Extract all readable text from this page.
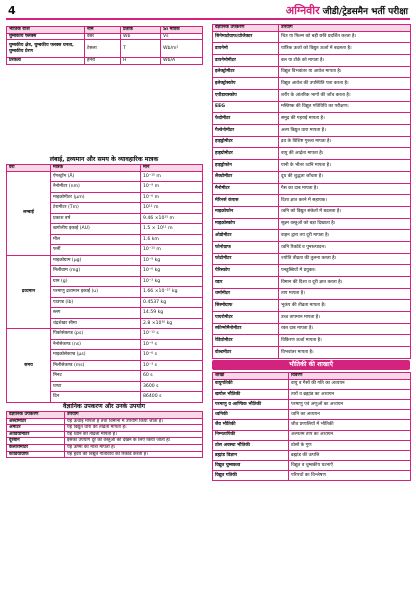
4	अग्निवीर जीडी/ट्रेडसमैन भर्ती परीक्षा
भौतिक राशि	नाम	प्रतीक	SI मात्रक
चुम्बकीय फ्लक्स	वेबर	Wb	Vs
चुम्बकीय क्षेत्र, चुम्बकीय फ्लक्स घनत्व, चुम्बकीय प्रेरण	टेसला	T	Wb/m²
प्रेरकत्व	हेनरी	H	Wb/A
लंबाई, द्रव्यमान और समय के व्यावहारिक मात्रक
वेरी	मात्रक	मान
लम्बाई	ऐंगस्ट्रॉम (Å)	10⁻¹⁰ m
	नैनोमीटर (nm)	10⁻⁹ m
	माइक्रोमीटर (μm)	10⁻⁶ m
	टेरामीटर (Tm)	10¹² m
	प्रकाश वर्ष	9.46 ×10¹⁵ m
	खगोलीय इकाई (AU)	1.5 × 10¹¹ m
	मील	1.6 km
	फर्मी	10⁻¹⁵ m
द्रव्यमान	माइक्रोग्राम (μg)	10⁻⁹ kg
	मिलीग्राम (mg)	10⁻⁶ kg
	ग्राम (g)	10⁻³ kg
	परमाणु द्रव्यमान इकाई (u)	1.66 ×10⁻²⁷ kg
	पाउण्ड (lb)	0.4537 kg
	स्लग	14.59 kg
	चंद्रशेखर सीमा	2.8 ×10³⁰ kg
समय	पिकोसेकण्ड (ps)	10⁻¹² s
	नैनोसेकण्ड (ns)	10⁻⁹ s
	माइक्रोसेकण्ड (μs)	10⁻⁶ s
	मिलीसेकण्ड (ms)	10⁻³ s
	मिनट	60 s
	घण्टा	3600 s
	दिन	86400 s
वैज्ञानिक उपकरण और उनके उपयोग
वैज्ञानिक उपकरण	उपयोग
अल्टीमीटर	यह ऊँचाई मापता है तथा विमानों में उपयोग किया जाता है।
अमीटर	यह विद्युत धारा की तीव्रता मापता है।
ऑडियोमीटर	यह ध्वनि की तीव्रता मापता है।
दूरबीन	इसका उपयोग दूर की वस्तुओं को देखने के लिए किया जाता है।
कैलोरीमीटर	यह ऊष्मा की मात्रा मापता है।
कार्डियोग्राफ	यह हृदय की विद्युत गतिविधि को रिकॉर्ड करता है।
वैज्ञानिक उपकरण	उपयोग
सिनेमाटोग्राफ/प्रोजेक्टर	चित्र या फिल्म को बड़ी छवि प्रदर्शित करता है।
डायनेमो	यांत्रिक ऊर्जा को विद्युत ऊर्जा में बदलता है।
डायनेमोमीटर	बल या टॉर्क को मापता है।
इलेक्ट्रोमीटर	विद्युत विभवांतर या आवेश मापता है।
इलेक्ट्रोस्कोप	विद्युत आवेश की उपस्थिति पता करता है।
एपीडायस्कोप	शरीर के आंतरिक भागों की जाँच करता है।
EEG	मस्तिष्क की विद्युत गतिविधि का परीक्षण।
फेदोमीटर	समुद्र की गहराई मापता है।
गैल्वेनोमीटर	अल्प विद्युत धारा मापता है।
हाइड्रोमीटर	द्रव के विशिष्ट गुरुत्व मापता है।
हाइग्रोमीटर	वायु की आर्द्रता मापता है।
हाइड्रोफोन	पानी के भीतर ध्वनि मापता है।
लैक्टोमीटर	दूध की शुद्धता जाँचता है।
मैनोमीटर	गैस का दाब मापता है।
मेरिनर्स कंपास	दिशा ज्ञात करने में सहायक।
माइक्रोफोन	ध्वनि को विद्युत संकेतों में बदलता है।
माइक्रोस्कोप	सूक्ष्म वस्तुओं को बड़ा दिखाता है।
ओडोमीटर	वाहन द्वारा तय दूरी मापता है।
फोनोग्राफ	ध्वनि रिकॉर्ड व पुनरुत्पादन।
फोटोमीटर	ज्योति तीव्रता की तुलना करता है।
पेरिस्कोप	पनडुब्बियों में प्रयुक्त।
रडार	विमान की दिशा व दूरी ज्ञात करता है।
थर्मामीटर	ताप मापता है।
सिस्मोग्राफ	भूकंप की तीव्रता मापता है।
पायरोमीटर	उच्च तापमान मापता है।
स्फीग्मोमैनोमीटर	रक्त दाब मापता है।
रेडियोमीटर	विकिरण ऊर्जा मापता है।
वोल्टमीटर	विभवांतर मापता है।
भौतिकी की शाखाएँ
शाखा	विवरण
वायुगतिकी	वायु व गैसों की गति का अध्ययन
खगोल भौतिकी	तारों व ब्रह्मांड का अध्ययन
परमाणु व आण्विक भौतिकी	परमाणु एवं अणुओं का अध्ययन
ध्वनिकी	ध्वनि का अध्ययन
जैव भौतिकी	जीव प्रणालियों में भौतिकी
निम्नतापिकी	अल्पतम ताप का अध्ययन
ठोस अवस्था भौतिकी	ठोसों के गुण
ब्रह्मांड विज्ञान	ब्रह्मांड की उत्पत्ति
विद्युत चुम्बकत्व	विद्युत व चुम्बकीय घटनाएँ
विद्युत गतिकी	परिपथों का विश्लेषण
